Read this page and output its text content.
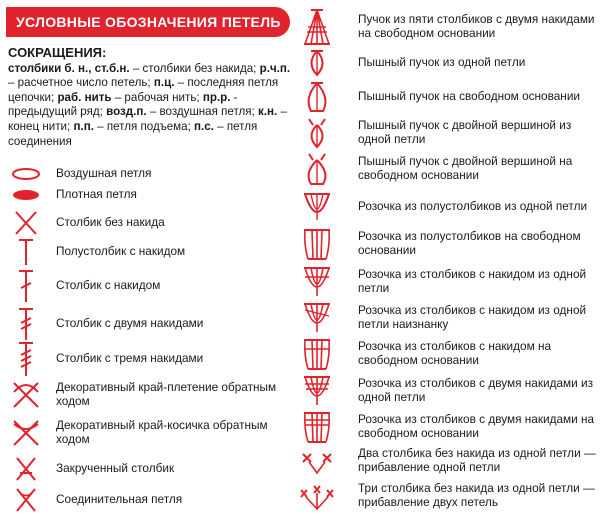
УСЛОВНЫЕ ОБОЗНАЧЕНИЯ ПЕТЕЛЬ
СОКРАЩЕНИЯ:
столбики б. н., ст.б.н. – столбики без накида; р.ч.п. – расчетное число петель; п.ц. – последняя петля цепочки; раб. нить – рабочая нить; пр.р. - предыдущий ряд; возд.п. – воздушная петля; к.н. – конец нити; п.п. – петля подъема; п.с. – петля соединения
Воздушная петля
Плотная петля
Столбик без накида
Полустолбик с накидом
Столбик с накидом
Столбик с двумя накидами
Столбик с тремя накидами
Декоративный край-плетение обратным ходом
Декоративный край-косичка обратным ходом
Закрученный столбик
Соединительная петля
Пучок из пяти столбиков с двумя накидами на свободном основании
Пышный пучок из одной петли
Пышный пучок на свободном основании
Пышный пучок с двойной вершиной из одной петли
Пышный пучок с двойной вершиной на свободном основании
Розочка из полустолбиков из одной петли
Розочка из полустолбиков на свободном основании
Розочка из столбиков с накидом из одной петли
Розочка из столбиков с накидом из одной петли наизнанку
Розочка из столбиков с накидом на свободном основании
Розочка из столбиков с двумя накидами из одной петли
Розочка из столбиков с двумя накидами на свободном основании
Два столбика без накида из одной петли — прибавление одной петли
Три столбика без накида из одной петли — прибавление двух петель
